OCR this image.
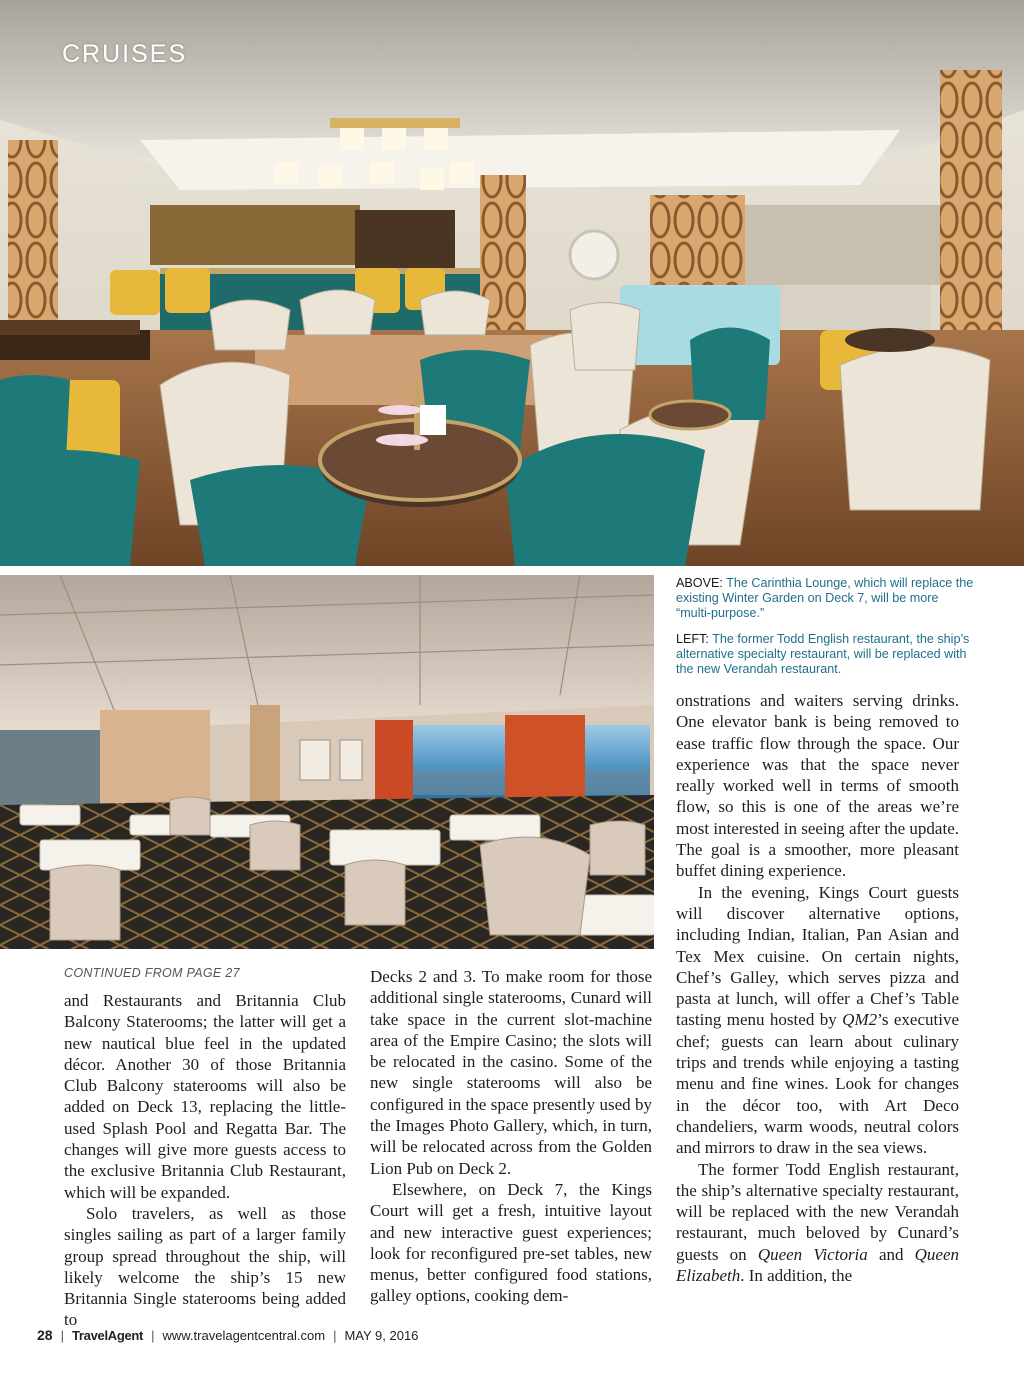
CRUISES
ABOVE: The Carinthia Lounge, which will replace the existing Winter Garden on Deck 7, will be more “multi-purpose.”
LEFT: The former Todd English restaurant, the ship’s alternative specialty restaurant, will be replaced with the new Verandah restaurant.
CONTINUED FROM PAGE 27

and Restaurants and Britannia Club Balcony Staterooms; the latter will get a new nautical blue feel in the updated décor. Another 30 of those Britannia Club Balcony staterooms will also be added on Deck 13, replacing the little-used Splash Pool and Regatta Bar. The changes will give more guests access to the exclusive Britannia Club Restaurant, which will be expanded.

Solo travelers, as well as those singles sailing as part of a larger family group spread throughout the ship, will likely welcome the ship’s 15 new Britannia Single staterooms being added to

Decks 2 and 3. To make room for those additional single staterooms, Cunard will take space in the current slot-machine area of the Empire Casino; the slots will be relocated in the casino. Some of the new single staterooms will also be configured in the space presently used by the Images Photo Gallery, which, in turn, will be relocated across from the Golden Lion Pub on Deck 2.

Elsewhere, on Deck 7, the Kings Court will get a fresh, intuitive layout and new interactive guest experiences; look for reconfigured pre-set tables, new menus, better configured food stations, galley options, cooking dem-

onstrations and waiters serving drinks. One elevator bank is being removed to ease traffic flow through the space. Our experience was that the space never really worked well in terms of smooth flow, so this is one of the areas we’re most interested in seeing after the update. The goal is a smoother, more pleasant buffet dining experience.

In the evening, Kings Court guests will discover alternative options, including Indian, Italian, Pan Asian and Tex Mex cuisine. On certain nights, Chef’s Galley, which serves pizza and pasta at lunch, will offer a Chef’s Table tasting menu hosted by QM2’s executive chef; guests can learn about culinary trips and trends while enjoying a tasting menu and fine wines. Look for changes in the décor too, with Art Deco chandeliers, warm woods, neutral colors and mirrors to draw in the sea views.

The former Todd English restaurant, the ship’s alternative specialty restaurant, will be replaced with the new Verandah restaurant, much beloved by Cunard’s guests on Queen Victoria and Queen Elizabeth. In addition, the

28 | TravelAgent | www.travelagentcentral.com | MAY 9, 2016
